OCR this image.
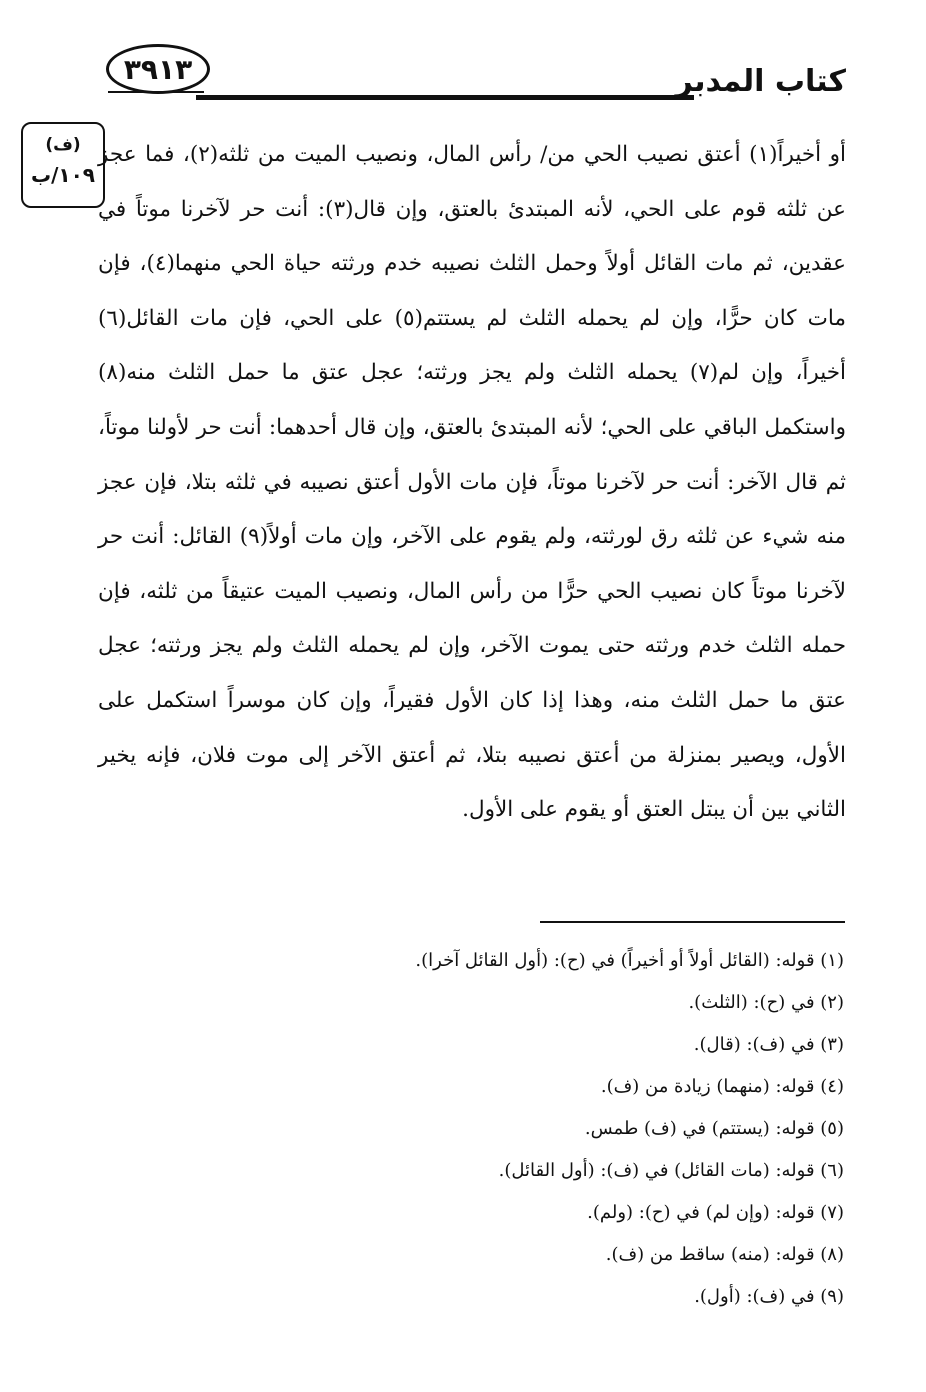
٣٩١٣	كتاب المدبر
(ف)
١٠٩/ب

أو أخيراً(١) أعتق نصيب الحي من/ رأس المال، ونصيب الميت من ثلثه(٢)، فما عجز عن ثلثه قوم على الحي، لأنه المبتدئ بالعتق، وإن قال(٣): أنت حر لآخرنا موتاً في عقدين، ثم مات القائل أولاً وحمل الثلث نصيبه خدم ورثته حياة الحي منهما(٤)، فإن مات كان حرًّا، وإن لم يحمله الثلث لم يستتم(٥) على الحي، فإن مات القائل(٦) أخيراً، وإن لم(٧) يحمله الثلث ولم يجز ورثته؛ عجل عتق ما حمل الثلث منه(٨) واستكمل الباقي على الحي؛ لأنه المبتدئ بالعتق، وإن قال أحدهما: أنت حر لأولنا موتاً، ثم قال الآخر: أنت حر لآخرنا موتاً، فإن مات الأول أعتق نصيبه في ثلثه بتلا، فإن عجز منه شيء عن ثلثه رق لورثته، ولم يقوم على الآخر، وإن مات أولاً(٩) القائل: أنت حر لآخرنا موتاً كان نصيب الحي حرًّا من رأس المال، ونصيب الميت عتيقاً من ثلثه، فإن حمله الثلث خدم ورثته حتى يموت الآخر، وإن لم يحمله الثلث ولم يجز ورثته؛ عجل عتق ما حمل الثلث منه، وهذا إذا كان الأول فقيراً، وإن كان موسراً استكمل على الأول، ويصير بمنزلة من أعتق نصيبه بتلا، ثم أعتق الآخر إلى موت فلان، فإنه يخير الثاني بين أن يبتل العتق أو يقوم على الأول.

(١) قوله: (القائل أولاً أو أخيراً) في (ح): (أول القائل آخرا).
(٢) في (ح): (الثلث).
(٣) في (ف): (قال).
(٤) قوله: (منهما) زيادة من (ف).
(٥) قوله: (يستتم) في (ف) طمس.
(٦) قوله: (مات القائل) في (ف): (أول القائل).
(٧) قوله: (وإن لم) في (ح): (ولم).
(٨) قوله: (منه) ساقط من (ف).
(٩) في (ف): (أول).
